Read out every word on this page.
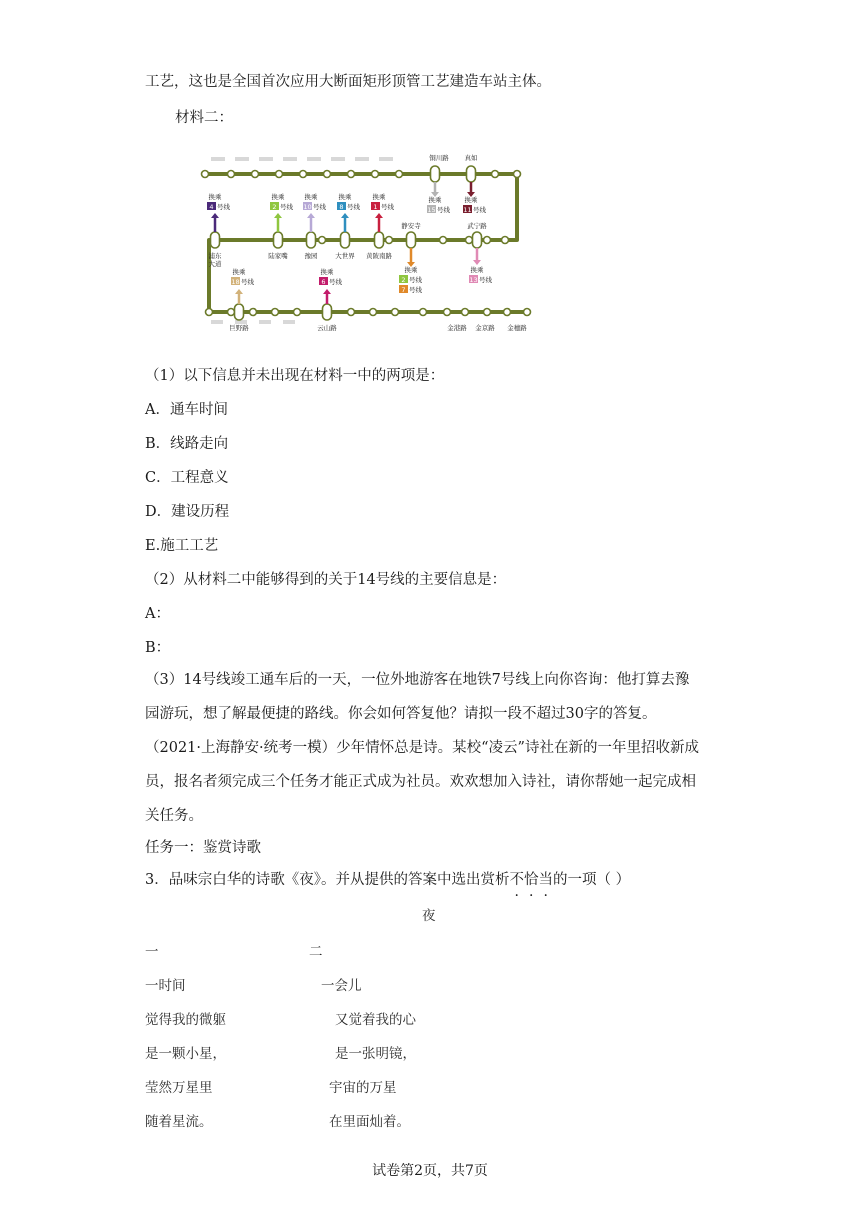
工艺，这也是全国首次应用大断面矩形顶管工艺建造车站主体。
材料二：
铜川路
换乘
15 号线
真如
换乘
11 号线
换乘
4 号线
换乘
2 号线
换乘
10 号线
换乘
8 号线
换乘
1 号线
浦东
大道
陆家嘴	豫园	大世界 黄陂南路
静安寺
换乘
2 号线
7 号线
武宁路
换乘
13 号线
巨野路
换乘
18 号线
云山路
换乘
6 号线
金港路 金京路 金穗路
（1）以下信息并未出现在材料一中的两项是：
A．通车时间
B．线路走向
C．工程意义
D．建设历程
E.施工工艺
（2）从材料二中能够得到的关于14号线的主要信息是：
A：
B：
（3）14号线竣工通车后的一天，一位外地游客在地铁7号线上向你咨询：他打算去豫
园游玩，想了解最便捷的路线。你会如何答复他？请拟一段不超过30字的答复。
（2021·上海静安·统考一模）少年情怀总是诗。某校“凌云”诗社在新的一年里招收新成
员，报名者须完成三个任务才能正式成为社员。欢欢想加入诗社，请你帮她一起完成相
关任务。
任务一：鉴赏诗歌
3．品味宗白华的诗歌《夜》。并从提供的答案中选出赏析不恰当的一项（ ）
夜
一	二
一时间
觉得我的微躯
是一颗小星，
莹然万星里
随着星流。
一会儿
又觉着我的心
是一张明镜，
宇宙的万星
在里面灿着。
试卷第2页，共7页
